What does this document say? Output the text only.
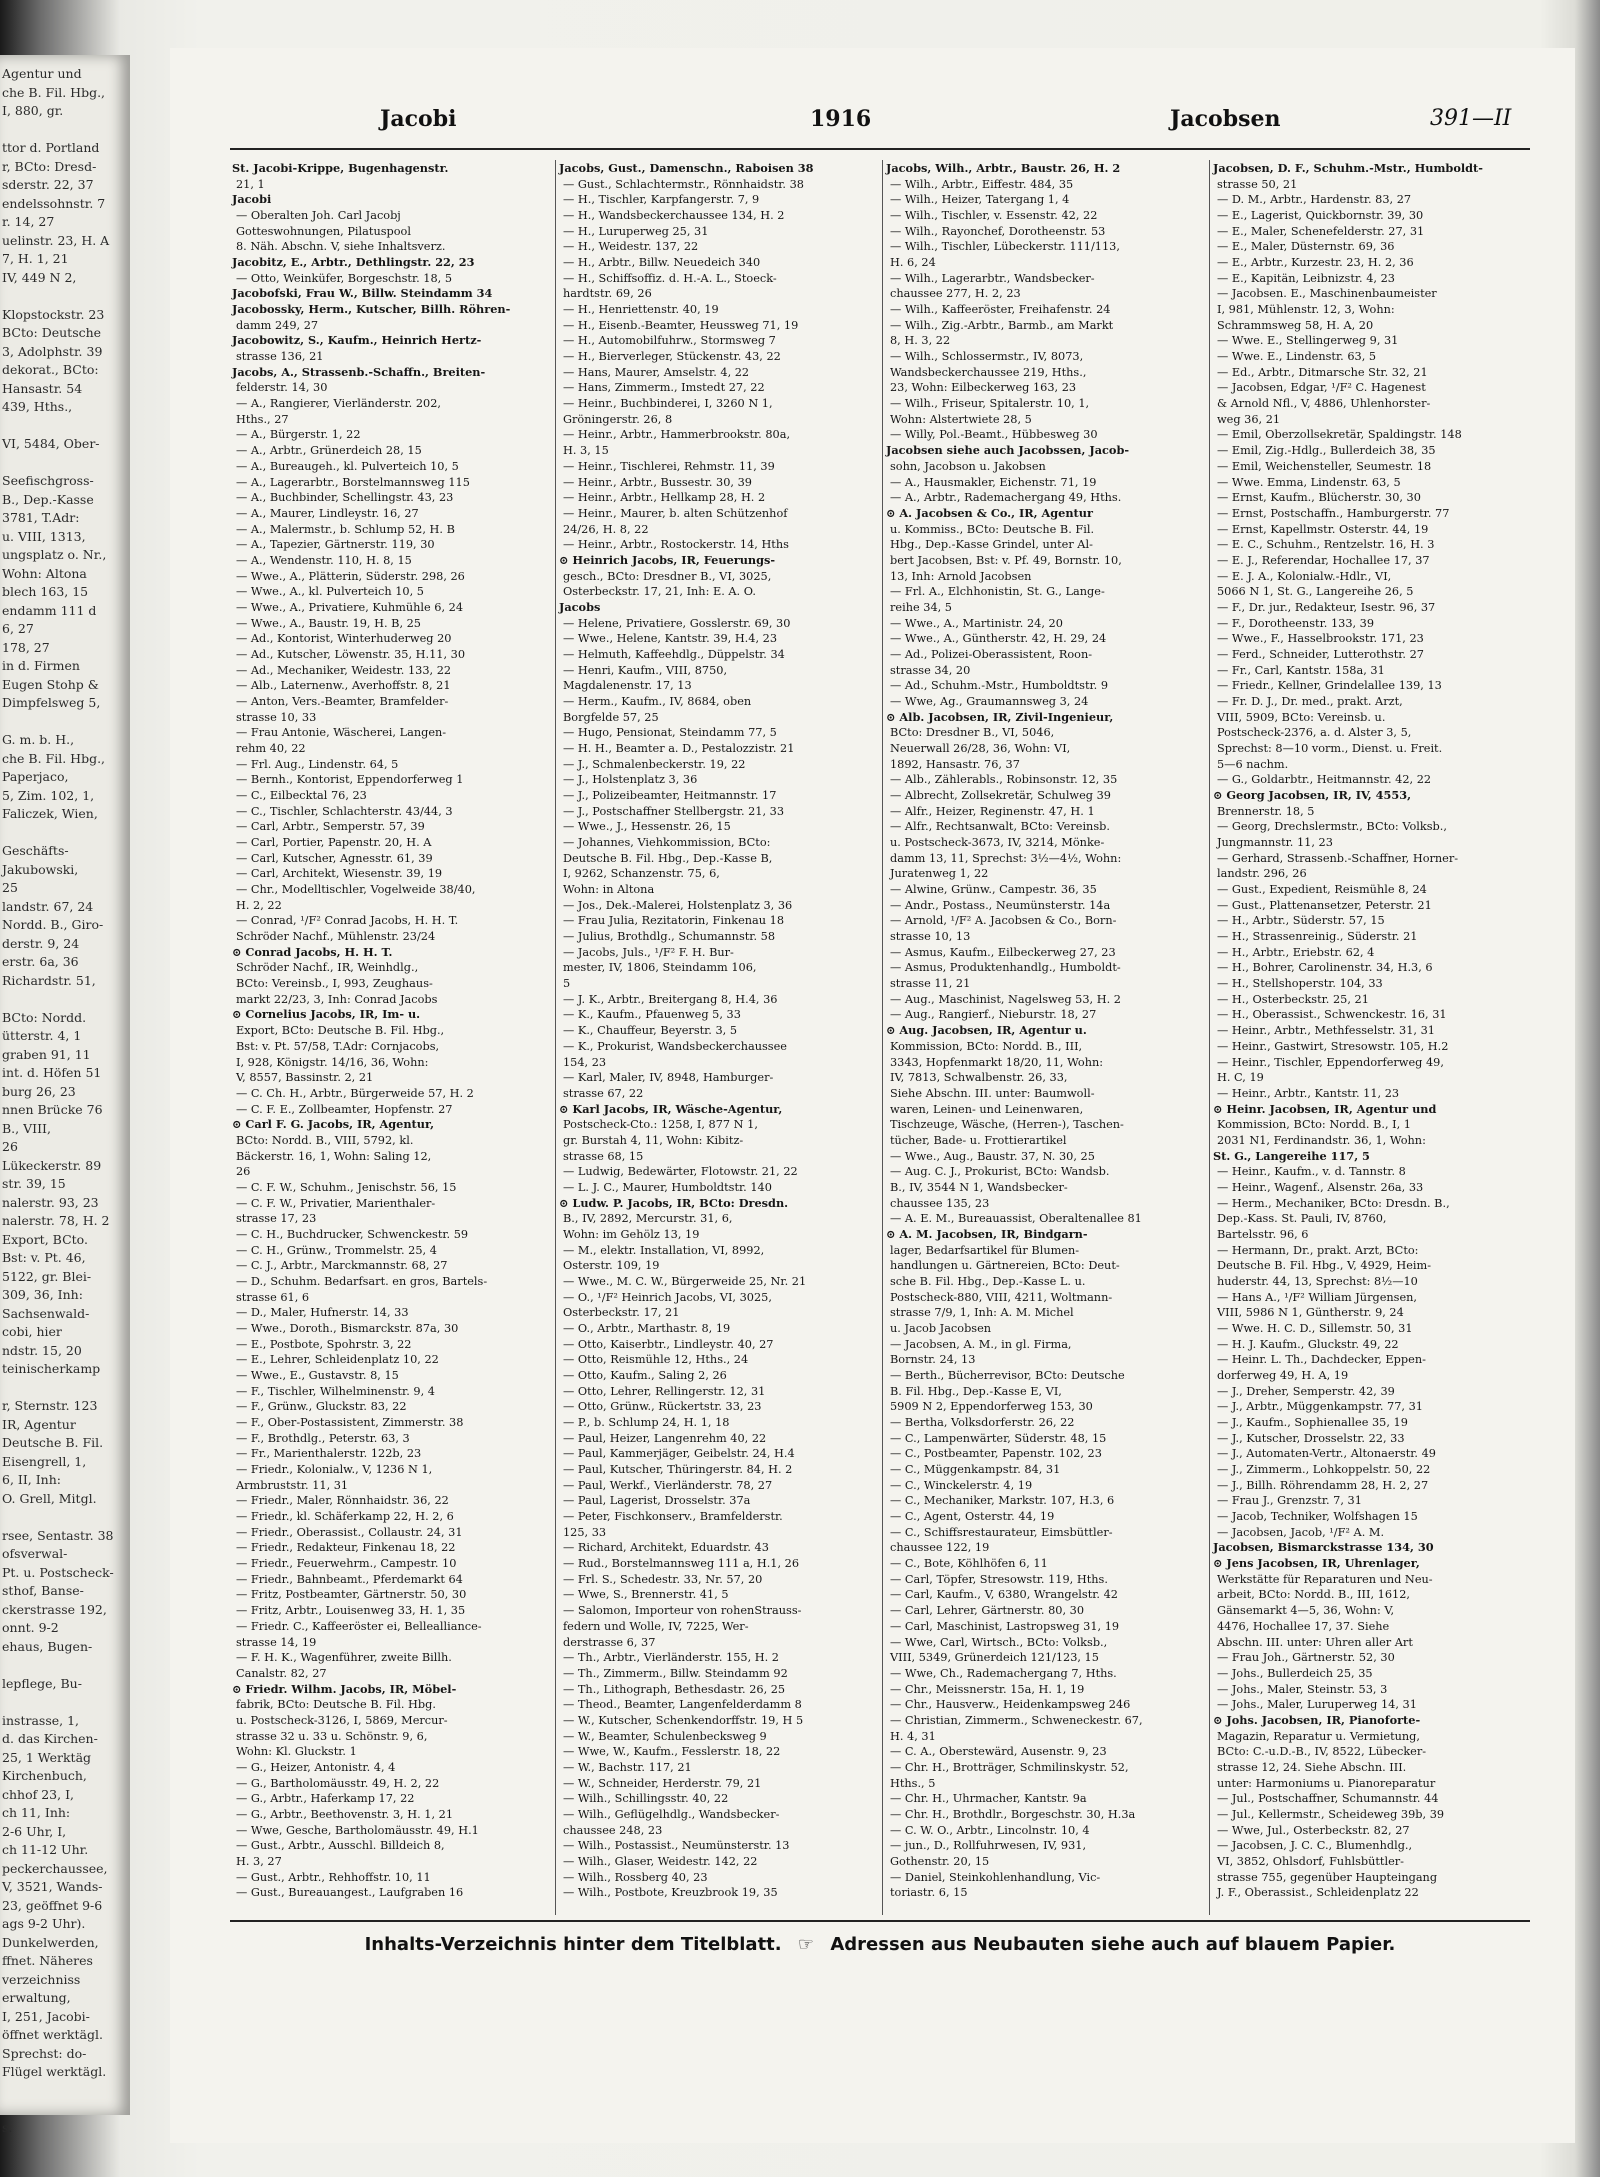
Agentur und
che B. Fil. Hbg.,
I, 880, gr.
ttor d. Portland
r, BCto: Dresd-
sderstr. 22, 37
endelssohnstr. 7
r. 14, 27
uelinstr. 23, H. A
7, H. 1, 21
IV, 449 N 2,
Klopstockstr. 23
BCto: Deutsche
3, Adolphstr. 39
dekorat., BCto:
Hansastr. 54
439, Hths.,
VI, 5484, Ober-
Seefischgross-
B., Dep.-Kasse
3781, T.Adr:
u. VIII, 1313,
ungsplatz o. Nr.,
Wohn: Altona
blech 163, 15
endamm 111 d
6, 27
178, 27
in d. Firmen
Eugen Stohp &
Dimpfelsweg 5,
G. m. b. H.,
che B. Fil. Hbg.,
Paperjaco,
5, Zim. 102, 1,
Faliczek, Wien,
Geschäfts-
Jakubowski,
25
landstr. 67, 24
Nordd. B., Giro-
derstr. 9, 24
erstr. 6a, 36
Richardstr. 51,
BCto: Nordd.
ütterstr. 4, 1
graben 91, 11
int. d. Höfen 51
burg 26, 23
nnen Brücke 76
B., VIII,
26
Lükeckerstr. 89
str. 39, 15
nalerstr. 93, 23
nalerstr. 78, H. 2
Export, BCto.
Bst: v. Pt. 46,
5122, gr. Blei-
309, 36, Inh:
Sachsenwald-
cobi, hier
ndstr. 15, 20
teinischerkamp
r, Sternstr. 123
IR, Agentur
Deutsche B. Fil.
Eisengrell, 1,
6, II, Inh:
O. Grell, Mitgl.
rsee, Sentastr. 38
ofsverwal-
Pt. u. Postscheck-
sthof, Banse-
ckerstrasse 192,
onnt. 9-2
ehaus, Bugen-
lepflege, Bu-
instrasse, 1,
d. das Kirchen-
25, 1 Werktäg
Kirchenbuch,
chhof 23, I,
ch 11, Inh:
2-6 Uhr, I,
ch 11-12 Uhr.
peckerchaussee,
V, 3521, Wands-
23, geöffnet 9-6
ags 9-2 Uhr).
Dunkelwerden,
ffnet. Näheres
verzeichniss
erwaltung,
I, 251, Jacobi-
öffnet werktägl.
Sprechst: do-
Flügel werktägl.
s.
Jacobi	1916	Jacobsen	391—II
St. Jacobi-Krippe, Bugenhagenstr.
21, 1
Jacobi
— Oberalten Joh. Carl Jacobj
Gotteswohnungen, Pilatuspool
8. Näh. Abschn. V, siehe Inhaltsverz.
Jacobitz, E., Arbtr., Dethlingstr. 22, 23
— Otto, Weinküfer, Borgeschstr. 18, 5
Jacobofski, Frau W., Billw. Steindamm 34
Jacobossky, Herm., Kutscher, Billh. Röhren-
damm 249, 27
Jacobowitz, S., Kaufm., Heinrich Hertz-
strasse 136, 21
Jacobs, A., Strassenb.-Schaffn., Breiten-
felderstr. 14, 30
— A., Rangierer, Vierländerstr. 202,
Hths., 27
— A., Bürgerstr. 1, 22
— A., Arbtr., Grünerdeich 28, 15
— A., Bureaugeh., kl. Pulverteich 10, 5
— A., Lagerarbtr., Borstelmannsweg 115
— A., Buchbinder, Schellingstr. 43, 23
— A., Maurer, Lindleystr. 16, 27
— A., Malermstr., b. Schlump 52, H. B
— A., Tapezier, Gärtnerstr. 119, 30
— A., Wendenstr. 110, H. 8, 15
— Wwe., A., Plätterin, Süderstr. 298, 26
— Wwe., A., kl. Pulverteich 10, 5
— Wwe., A., Privatiere, Kuhmühle 6, 24
— Wwe., A., Baustr. 19, H. B, 25
— Ad., Kontorist, Winterhuderweg 20
— Ad., Kutscher, Löwenstr. 35, H.11, 30
— Ad., Mechaniker, Weidestr. 133, 22
— Alb., Laternenw., Averhoffstr. 8, 21
— Anton, Vers.-Beamter, Bramfelder-
strasse 10, 33
— Frau Antonie, Wäscherei, Langen-
rehm 40, 22
— Frl. Aug., Lindenstr. 64, 5
— Bernh., Kontorist, Eppendorferweg 1
— C., Eilbecktal 76, 23
— C., Tischler, Schlachterstr. 43/44, 3
— Carl, Arbtr., Semperstr. 57, 39
— Carl, Portier, Papenstr. 20, H. A
— Carl, Kutscher, Agnesstr. 61, 39
— Carl, Architekt, Wiesenstr. 39, 19
— Chr., Modelltischler, Vogelweide 38/40,
H. 2, 22
— Conrad, ¹/F² Conrad Jacobs, H. H. T.
Schröder Nachf., Mühlenstr. 23/24
⊙ Conrad Jacobs, H. H. T.
Schröder Nachf., IR, Weinhdlg.,
BCto: Vereinsb., I, 993, Zeughaus-
markt 22/23, 3, Inh: Conrad Jacobs
⊙ Cornelius Jacobs, IR, Im- u.
Export, BCto: Deutsche B. Fil. Hbg.,
Bst: v. Pt. 57/58, T.Adr: Cornjacobs,
I, 928, Königstr. 14/16, 36, Wohn:
V, 8557, Bassinstr. 2, 21
— C. Ch. H., Arbtr., Bürgerweide 57, H. 2
— C. F. E., Zollbeamter, Hopfenstr. 27
⊙ Carl F. G. Jacobs, IR, Agentur,
BCto: Nordd. B., VIII, 5792, kl.
Bäckerstr. 16, 1, Wohn: Saling 12,
26
— C. F. W., Schuhm., Jenischstr. 56, 15
— C. F. W., Privatier, Marienthaler-
strasse 17, 23
— C. H., Buchdrucker, Schwenckestr. 59
— C. H., Grünw., Trommelstr. 25, 4
— C. J., Arbtr., Marckmannstr. 68, 27
— D., Schuhm. Bedarfsart. en gros, Bartels-
strasse 61, 6
— D., Maler, Hufnerstr. 14, 33
— Wwe., Doroth., Bismarckstr. 87a, 30
— E., Postbote, Spohrstr. 3, 22
— E., Lehrer, Schleidenplatz 10, 22
— Wwe., E., Gustavstr. 8, 15
— F., Tischler, Wilhelminenstr. 9, 4
— F., Grünw., Gluckstr. 83, 22
— F., Ober-Postassistent, Zimmerstr. 38
— F., Brothdlg., Peterstr. 63, 3
— Fr., Marienthalerstr. 122b, 23
— Friedr., Kolonialw., V, 1236 N 1,
Armbruststr. 11, 31
— Friedr., Maler, Rönnhaidstr. 36, 22
— Friedr., kl. Schäferkamp 22, H. 2, 6
— Friedr., Oberassist., Collaustr. 24, 31
— Friedr., Redakteur, Finkenau 18, 22
— Friedr., Feuerwehrm., Campestr. 10
— Friedr., Bahnbeamt., Pferdemarkt 64
— Fritz, Postbeamter, Gärtnerstr. 50, 30
— Fritz, Arbtr., Louisenweg 33, H. 1, 35
— Friedr. C., Kaffeeröster ei, Bellealliance-
strasse 14, 19
— F. H. K., Wagenführer, zweite Billh.
Canalstr. 82, 27
⊙ Friedr. Wilhm. Jacobs, IR, Möbel-
fabrik, BCto: Deutsche B. Fil. Hbg.
u. Postscheck-3126, I, 5869, Mercur-
strasse 32 u. 33 u. Schönstr. 9, 6,
Wohn: Kl. Gluckstr. 1
— G., Heizer, Antonistr. 4, 4
— G., Bartholomäusstr. 49, H. 2, 22
— G., Arbtr., Haferkamp 17, 22
— G., Arbtr., Beethovenstr. 3, H. 1, 21
— Wwe, Gesche, Bartholomäusstr. 49, H.1
— Gust., Arbtr., Ausschl. Billdeich 8,
H. 3, 27
— Gust., Arbtr., Rehhoffstr. 10, 11
— Gust., Bureauangest., Laufgraben 16
Jacobs, Gust., Damenschn., Raboisen 38
— Gust., Schlachtermstr., Rönnhaidstr. 38
— H., Tischler, Karpfangerstr. 7, 9
— H., Wandsbeckerchaussee 134, H. 2
— H., Luruperweg 25, 31
— H., Weidestr. 137, 22
— H., Arbtr., Billw. Neuedeich 340
— H., Schiffsoffiz. d. H.-A. L., Stoeck-
hardtstr. 69, 26
— H., Henriettenstr. 40, 19
— H., Eisenb.-Beamter, Heussweg 71, 19
— H., Automobilfuhrw., Stormsweg 7
— H., Bierverleger, Stückenstr. 43, 22
— Hans, Maurer, Amselstr. 4, 22
— Hans, Zimmerm., Imstedt 27, 22
— Heinr., Buchbinderei, I, 3260 N 1,
Gröningerstr. 26, 8
— Heinr., Arbtr., Hammerbrookstr. 80a,
H. 3, 15
— Heinr., Tischlerei, Rehmstr. 11, 39
— Heinr., Arbtr., Bussestr. 30, 39
— Heinr., Arbtr., Hellkamp 28, H. 2
— Heinr., Maurer, b. alten Schützenhof
24/26, H. 8, 22
— Heinr., Arbtr., Rostockerstr. 14, Hths
⊙ Heinrich Jacobs, IR, Feuerungs-
gesch., BCto: Dresdner B., VI, 3025,
Osterbeckstr. 17, 21, Inh: E. A. O.
Jacobs
— Helene, Privatiere, Gosslerstr. 69, 30
— Wwe., Helene, Kantstr. 39, H.4, 23
— Helmuth, Kaffeehdlg., Düppelstr. 34
— Henri, Kaufm., VIII, 8750,
Magdalenenstr. 17, 13
— Herm., Kaufm., IV, 8684, oben
Borgfelde 57, 25
— Hugo, Pensionat, Steindamm 77, 5
— H. H., Beamter a. D., Pestalozzistr. 21
— J., Schmalenbeckerstr. 19, 22
— J., Holstenplatz 3, 36
— J., Polizeibeamter, Heitmannstr. 17
— J., Postschaffner Stellbergstr. 21, 33
— Wwe., J., Hessenstr. 26, 15
— Johannes, Viehkommission, BCto:
Deutsche B. Fil. Hbg., Dep.-Kasse B,
I, 9262, Schanzenstr. 75, 6,
Wohn: in Altona
— Jos., Dek.-Malerei, Holstenplatz 3, 36
— Frau Julia, Rezitatorin, Finkenau 18
— Julius, Brothdlg., Schumannstr. 58
— Jacobs, Juls., ¹/F² F. H. Bur-
mester, IV, 1806, Steindamm 106,
5
— J. K., Arbtr., Breitergang 8, H.4, 36
— K., Kaufm., Pfauenweg 5, 33
— K., Chauffeur, Beyerstr. 3, 5
— K., Prokurist, Wandsbeckerchaussee
154, 23
— Karl, Maler, IV, 8948, Hamburger-
strasse 67, 22
⊙ Karl Jacobs, IR, Wäsche-Agentur,
Postscheck-Cto.: 1258, I, 877 N 1,
gr. Burstah 4, 11, Wohn: Kibitz-
strasse 68, 15
— Ludwig, Bedewärter, Flotowstr. 21, 22
— L. J. C., Maurer, Humboldtstr. 140
⊙ Ludw. P. Jacobs, IR, BCto: Dresdn.
B., IV, 2892, Mercurstr. 31, 6,
Wohn: im Gehölz 13, 19
— M., elektr. Installation, VI, 8992,
Osterstr. 109, 19
— Wwe., M. C. W., Bürgerweide 25, Nr. 21
— O., ¹/F² Heinrich Jacobs, VI, 3025,
Osterbeckstr. 17, 21
— O., Arbtr., Marthastr. 8, 19
— Otto, Kaiserbtr., Lindleystr. 40, 27
— Otto, Reismühle 12, Hths., 24
— Otto, Kaufm., Saling 2, 26
— Otto, Lehrer, Rellingerstr. 12, 31
— Otto, Grünw., Rückertstr. 33, 23
— P., b. Schlump 24, H. 1, 18
— Paul, Heizer, Langenrehm 40, 22
— Paul, Kammerjäger, Geibelstr. 24, H.4
— Paul, Kutscher, Thüringerstr. 84, H. 2
— Paul, Werkf., Vierländerstr. 78, 27
— Paul, Lagerist, Drosselstr. 37a
— Peter, Fischkonserv., Bramfelderstr.
125, 33
— Richard, Architekt, Eduardstr. 43
— Rud., Borstelmannsweg 111 a, H.1, 26
— Frl. S., Schedestr. 33, Nr. 57, 20
— Wwe, S., Brennerstr. 41, 5
— Salomon, Importeur von rohenStrauss-
federn und Wolle, IV, 7225, Wer-
derstrasse 6, 37
— Th., Arbtr., Vierländerstr. 155, H. 2
— Th., Zimmerm., Billw. Steindamm 92
— Th., Lithograph, Bethesdastr. 26, 25
— Theod., Beamter, Langenfelderdamm 8
— W., Kutscher, Schenkendorffstr. 19, H 5
— W., Beamter, Schulenbecksweg 9
— Wwe, W., Kaufm., Fesslerstr. 18, 22
— W., Bachstr. 117, 21
— W., Schneider, Herderstr. 79, 21
— Wilh., Schillingsstr. 40, 22
— Wilh., Geflügelhdlg., Wandsbecker-
chaussee 248, 23
— Wilh., Postassist., Neumünsterstr. 13
— Wilh., Glaser, Weidestr. 142, 22
— Wilh., Rossberg 40, 23
— Wilh., Postbote, Kreuzbrook 19, 35
Jacobs, Wilh., Arbtr., Baustr. 26, H. 2
— Wilh., Arbtr., Eiffestr. 484, 35
— Wilh., Heizer, Tatergang 1, 4
— Wilh., Tischler, v. Essenstr. 42, 22
— Wilh., Rayonchef, Dorotheenstr. 53
— Wilh., Tischler, Lübeckerstr. 111/113,
H. 6, 24
— Wilh., Lagerarbtr., Wandsbecker-
chaussee 277, H. 2, 23
— Wilh., Kaffeeröster, Freihafenstr. 24
— Wilh., Zig.-Arbtr., Barmb., am Markt
8, H. 3, 22
— Wilh., Schlossermstr., IV, 8073,
Wandsbeckerchaussee 219, Hths.,
23, Wohn: Eilbeckerweg 163, 23
— Wilh., Friseur, Spitalerstr. 10, 1,
Wohn: Alstertwiete 28, 5
— Willy, Pol.-Beamt., Hübbesweg 30
Jacobsen siehe auch Jacobssen, Jacob-
sohn, Jacobson u. Jakobsen
— A., Hausmakler, Eichenstr. 71, 19
— A., Arbtr., Rademachergang 49, Hths.
⊙ A. Jacobsen & Co., IR, Agentur
u. Kommiss., BCto: Deutsche B. Fil.
Hbg., Dep.-Kasse Grindel, unter Al-
bert Jacobsen, Bst: v. Pf. 49, Bornstr. 10,
13, Inh: Arnold Jacobsen
— Frl. A., Elchhonistin, St. G., Lange-
reihe 34, 5
— Wwe., A., Martinistr. 24, 20
— Wwe., A., Güntherstr. 42, H. 29, 24
— Ad., Polizei-Oberassistent, Roon-
strasse 34, 20
— Ad., Schuhm.-Mstr., Humboldtstr. 9
— Wwe, Ag., Graumannsweg 3, 24
⊙ Alb. Jacobsen, IR, Zivil-Ingenieur,
BCto: Dresdner B., VI, 5046,
Neuerwall 26/28, 36, Wohn: VI,
1892, Hansastr. 76, 37
— Alb., Zählerabls., Robinsonstr. 12, 35
— Albrecht, Zollsekretär, Schulweg 39
— Alfr., Heizer, Reginenstr. 47, H. 1
— Alfr., Rechtsanwalt, BCto: Vereinsb.
u. Postscheck-3673, IV, 3214, Mönke-
damm 13, 11, Sprechst: 3½—4½, Wohn:
Juratenweg 1, 22
— Alwine, Grünw., Campestr. 36, 35
— Andr., Postass., Neumünsterstr. 14a
— Arnold, ¹/F² A. Jacobsen & Co., Born-
strasse 10, 13
— Asmus, Kaufm., Eilbeckerweg 27, 23
— Asmus, Produktenhandlg., Humboldt-
strasse 11, 21
— Aug., Maschinist, Nagelsweg 53, H. 2
— Aug., Rangierf., Nieburstr. 18, 27
⊙ Aug. Jacobsen, IR, Agentur u.
Kommission, BCto: Nordd. B., III,
3343, Hopfenmarkt 18/20, 11, Wohn:
IV, 7813, Schwalbenstr. 26, 33,
Siehe Abschn. III. unter: Baumwoll-
waren, Leinen- und Leinenwaren,
Tischzeuge, Wäsche, (Herren-), Taschen-
tücher, Bade- u. Frottierartikel
— Wwe., Aug., Baustr. 37, N. 30, 25
— Aug. C. J., Prokurist, BCto: Wandsb.
B., IV, 3544 N 1, Wandsbecker-
chaussee 135, 23
— A. E. M., Bureauassist, Oberaltenallee 81
⊙ A. M. Jacobsen, IR, Bindgarn-
lager, Bedarfsartikel für Blumen-
handlungen u. Gärtnereien, BCto: Deut-
sche B. Fil. Hbg., Dep.-Kasse L. u.
Postscheck-880, VIII, 4211, Woltmann-
strasse 7/9, 1, Inh: A. M. Michel
u. Jacob Jacobsen
— Jacobsen, A. M., in gl. Firma,
Bornstr. 24, 13
— Berth., Bücherrevisor, BCto: Deutsche
B. Fil. Hbg., Dep.-Kasse E, VI,
5909 N 2, Eppendorferweg 153, 30
— Bertha, Volksdorferstr. 26, 22
— C., Lampenwärter, Süderstr. 48, 15
— C., Postbeamter, Papenstr. 102, 23
— C., Müggenkampstr. 84, 31
— C., Winckelerstr. 4, 19
— C., Mechaniker, Markstr. 107, H.3, 6
— C., Agent, Osterstr. 44, 19
— C., Schiffsrestaurateur, Eimsbüttler-
chaussee 122, 19
— C., Bote, Köhlhöfen 6, 11
— Carl, Töpfer, Stresowstr. 119, Hths.
— Carl, Kaufm., V, 6380, Wrangelstr. 42
— Carl, Lehrer, Gärtnerstr. 80, 30
— Carl, Maschinist, Lastropsweg 31, 19
— Wwe, Carl, Wirtsch., BCto: Volksb.,
VIII, 5349, Grünerdeich 121/123, 15
— Wwe, Ch., Rademachergang 7, Hths.
— Chr., Meissnerstr. 15a, H. 1, 19
— Chr., Hausverw., Heidenkampsweg 246
— Christian, Zimmerm., Schweneckestr. 67,
H. 4, 31
— C. A., Oberstewärd, Ausenstr. 9, 23
— Chr. H., Brotträger, Schmilinskystr. 52,
Hths., 5
— Chr. H., Uhrmacher, Kantstr. 9a
— Chr. H., Brothdlr., Borgeschstr. 30, H.3a
— C. W. O., Arbtr., Lincolnstr. 10, 4
— jun., D., Rollfuhrwesen, IV, 931,
Gothenstr. 20, 15
— Daniel, Steinkohlenhandlung, Vic-
toriastr. 6, 15
Jacobsen, D. F., Schuhm.-Mstr., Humboldt-
strasse 50, 21
— D. M., Arbtr., Hardenstr. 83, 27
— E., Lagerist, Quickbornstr. 39, 30
— E., Maler, Schenefelderstr. 27, 31
— E., Maler, Düsternstr. 69, 36
— E., Arbtr., Kurzestr. 23, H. 2, 36
— E., Kapitän, Leibnizstr. 4, 23
— Jacobsen. E., Maschinenbaumeister
I, 981, Mühlenstr. 12, 3, Wohn:
Schrammsweg 58, H. A, 20
— Wwe. E., Stellingerweg 9, 31
— Wwe. E., Lindenstr. 63, 5
— Ed., Arbtr., Ditmarsche Str. 32, 21
— Jacobsen, Edgar, ¹/F² C. Hagenest
& Arnold Nfl., V, 4886, Uhlenhorster-
weg 36, 21
— Emil, Oberzollsekretär, Spaldingstr. 148
— Emil, Zig.-Hdlg., Bullerdeich 38, 35
— Emil, Weichensteller, Seumestr. 18
— Wwe. Emma, Lindenstr. 63, 5
— Ernst, Kaufm., Blücherstr. 30, 30
— Ernst, Postschaffn., Hamburgerstr. 77
— Ernst, Kapellmstr. Osterstr. 44, 19
— E. C., Schuhm., Rentzelstr. 16, H. 3
— E. J., Referendar, Hochallee 17, 37
— E. J. A., Kolonialw.-Hdlr., VI,
5066 N 1, St. G., Langereihe 26, 5
— F., Dr. jur., Redakteur, Isestr. 96, 37
— F., Dorotheenstr. 133, 39
— Wwe., F., Hasselbrookstr. 171, 23
— Ferd., Schneider, Lutterothstr. 27
— Fr., Carl, Kantstr. 158a, 31
— Friedr., Kellner, Grindelallee 139, 13
— Fr. D. J., Dr. med., prakt. Arzt,
VIII, 5909, BCto: Vereinsb. u.
Postscheck-2376, a. d. Alster 3, 5,
Sprechst: 8—10 vorm., Dienst. u. Freit.
5—6 nachm.
— G., Goldarbtr., Heitmannstr. 42, 22
⊙ Georg Jacobsen, IR, IV, 4553,
Brennerstr. 18, 5
— Georg, Drechslermstr., BCto: Volksb.,
Jungmannstr. 11, 23
— Gerhard, Strassenb.-Schaffner, Horner-
landstr. 296, 26
— Gust., Expedient, Reismühle 8, 24
— Gust., Plattenansetzer, Peterstr. 21
— H., Arbtr., Süderstr. 57, 15
— H., Strassenreinig., Süderstr. 21
— H., Arbtr., Eriebstr. 62, 4
— H., Bohrer, Carolinenstr. 34, H.3, 6
— H., Stellshoperstr. 104, 33
— H., Osterbeckstr. 25, 21
— H., Oberassist., Schwenckestr. 16, 31
— Heinr., Arbtr., Methfesselstr. 31, 31
— Heinr., Gastwirt, Stresowstr. 105, H.2
— Heinr., Tischler, Eppendorferweg 49,
H. C, 19
— Heinr., Arbtr., Kantstr. 11, 23
⊙ Heinr. Jacobsen, IR, Agentur und
Kommission, BCto: Nordd. B., I, 1
2031 N1, Ferdinandstr. 36, 1, Wohn:
St. G., Langereihe 117, 5
— Heinr., Kaufm., v. d. Tannstr. 8
— Heinr., Wagenf., Alsenstr. 26a, 33
— Herm., Mechaniker, BCto: Dresdn. B.,
Dep.-Kass. St. Pauli, IV, 8760,
Bartelsstr. 96, 6
— Hermann, Dr., prakt. Arzt, BCto:
Deutsche B. Fil. Hbg., V, 4929, Heim-
huderstr. 44, 13, Sprechst: 8½—10
— Hans A., ¹/F² William Jürgensen,
VIII, 5986 N 1, Güntherstr. 9, 24
— Wwe. H. C. D., Sillemstr. 50, 31
— H. J. Kaufm., Gluckstr. 49, 22
— Heinr. L. Th., Dachdecker, Eppen-
dorferweg 49, H. A, 19
— J., Dreher, Semperstr. 42, 39
— J., Arbtr., Müggenkampstr. 77, 31
— J., Kaufm., Sophienallee 35, 19
— J., Kutscher, Drosselstr. 22, 33
— J., Automaten-Vertr., Altonaerstr. 49
— J., Zimmerm., Lohkoppelstr. 50, 22
— J., Billh. Röhrendamm 28, H. 2, 27
— Frau J., Grenzstr. 7, 31
— Jacob, Techniker, Wolfshagen 15
— Jacobsen, Jacob, ¹/F² A. M.
Jacobsen, Bismarckstrasse 134, 30
⊙ Jens Jacobsen, IR, Uhrenlager,
Werkstätte für Reparaturen und Neu-
arbeit, BCto: Nordd. B., III, 1612,
Gänsemarkt 4—5, 36, Wohn: V,
4476, Hochallee 17, 37. Siehe
Abschn. III. unter: Uhren aller Art
— Frau Joh., Gärtnerstr. 52, 30
— Johs., Bullerdeich 25, 35
— Johs., Maler, Steinstr. 53, 3
— Johs., Maler, Luruperweg 14, 31
⊙ Johs. Jacobsen, IR, Pianoforte-
Magazin, Reparatur u. Vermietung,
BCto: C.-u.D.-B., IV, 8522, Lübecker-
strasse 12, 24. Siehe Abschn. III.
unter: Harmoniums u. Pianoreparatur
— Jul., Postschaffner, Schumannstr. 44
— Jul., Kellermstr., Scheideweg 39b, 39
— Wwe, Jul., Osterbeckstr. 82, 27
— Jacobsen, J. C. C., Blumenhdlg.,
VI, 3852, Ohlsdorf, Fuhlsbüttler-
strasse 755, gegenüber Haupteingang
J. F., Oberassist., Schleidenplatz 22
Inhalts-Verzeichnis hinter dem Titelblatt. ☞ Adressen aus Neubauten siehe auch auf blauem Papier.
